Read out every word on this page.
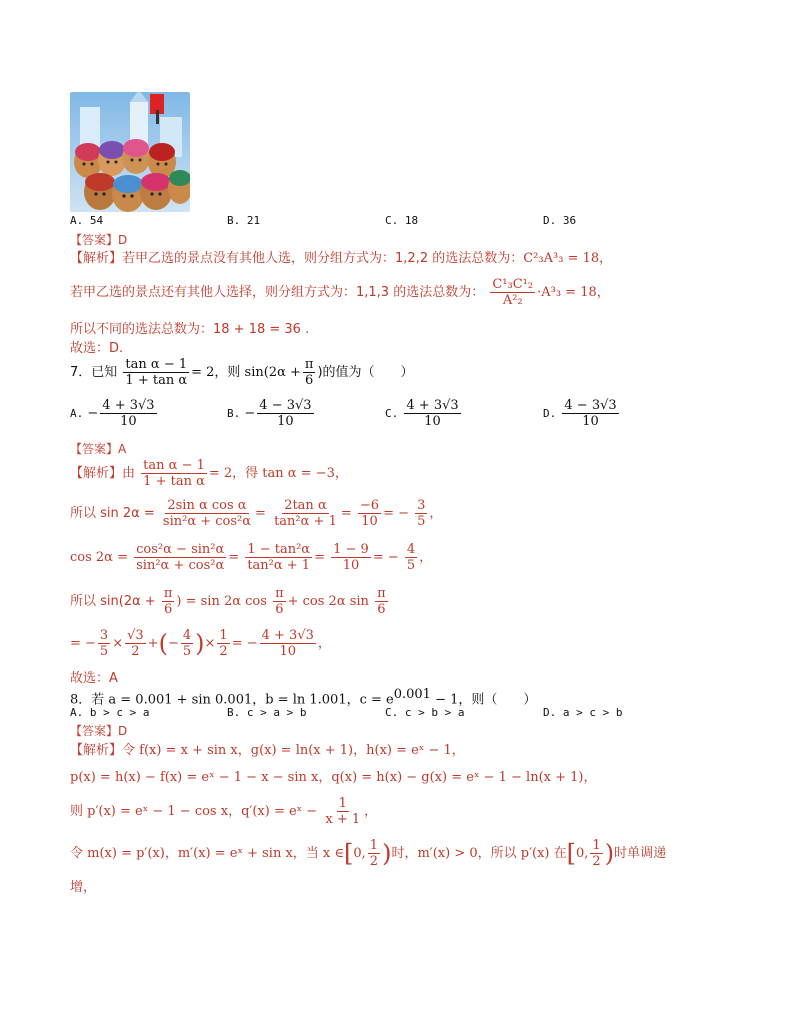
A. 54	B. 21	C. 18	D. 36
【答案】D
【解析】若甲乙选的景点没有其他人选，则分组方式为：1,2,2 的选法总数为：C²₃A³₃ = 18，
若甲乙选的景点还有其他人选择，则分组方式为：1,1,3 的选法总数为： $\frac{\text{C¹₃C¹₂}}{\text{A²₂}} \cdot A^3_3 = 18$，
所以不同的选法总数为：18 + 18 = 36 .
故选：D.
7．已知 $\frac{\text{tan α − 1}}{\text{1 + tan α}} = 2$，则 $\sin(2\alpha + \frac{\pi}{6}$ )的值为（　　）
A. − $\frac{4 + 3√3}{10}$	B. − $\frac{4 - 3√3}{10}$	C. $\frac{4 + 3√3}{10}$	D. $\frac{4 - 3√3}{10}$
【答案】A
【解析】由 $\frac{\text{tan α − 1}}{\text{1 + tan α}} = 2$，得 tan α = −3，
所以 $\sin 2\alpha = \frac{\text{2sin α cos α}}{\text{sin²α + cos²α}} = \frac{\text{2tan α}}{\text{tan²α + 1}} = \frac{-6}{10}$ = − $\frac{3}{5}$ ，
$\cos 2\alpha = \frac{\text{cos²α − sin²α}}{\text{sin²α + cos²α}} = \frac{\text{1 − tan²α}}{\text{tan²α + 1}} = \frac{1 - 9}{10}$ = − $\frac{4}{5}$ ，
所以 $\sin(2\alpha + \frac{\pi}{6}$ ) = sin 2α $\cos \frac{\pi}{6} + \cos 2\alpha$ $\sin \frac{\pi}{6}$
= − $\frac{3}{5} \times \frac{√3}{2}$ +(− $\frac{4}{5}$ )× $\frac{1}{2}$ = − $\frac{4 + 3√3}{10}$ ，
故选：A
8．若 a = 0.001 + sin 0.001，b = ln 1.001，$c = e^{0.001} - 1$，则（　　）
A. b > c > a	B. c > a > b	C. c > b > a	D. a > c > b
【答案】D
【解析】令 f(x) = x + sin x，g(x) = ln(x + 1)，h(x) = eˣ − 1，
p(x) = h(x) − f(x) = eˣ − 1 − x − sin x，q(x) = h(x) − g(x) = eˣ − 1 − ln(x + 1)，
则 p′(x) = eˣ − 1 − cos x，q′(x) = eˣ − $\frac{1}{x + 1}$ ，
令 m(x) = p′(x)，m′(x) = eˣ + sin x，当 x ∈[0, $\frac{1}{2}$ )时，m′(x) > 0，所以 p′(x) 在[0, $\frac{1}{2}$ )时单调递
增，
